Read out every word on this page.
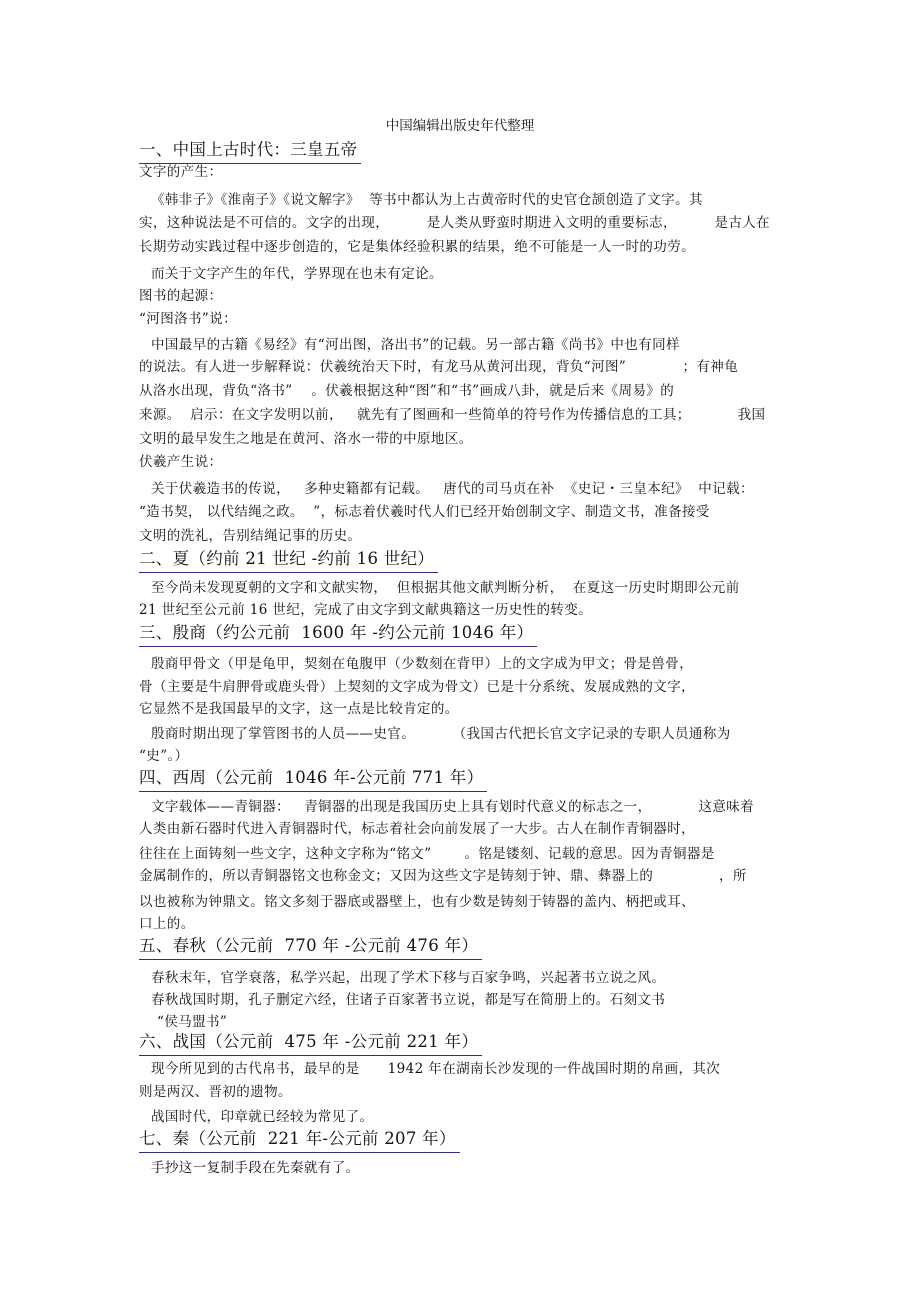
中国编辑出版史年代整理
一、中国上古时代：三皇五帝
文字的产生：
《韩非子》《淮南子》《说文解字》  等书中都认为上古黄帝时代的史官仓颉创造了文字。其
实，这种说法是不可信的。文字的出现，        是人类从野蛮时期进入文明的重要标志，        是古人在
长期劳动实践过程中逐步创造的，它是集体经验积累的结果，绝不可能是一人一时的功劳。
而关于文字产生的年代，学界现在也未有定论。
图书的起源：
“河图洛书”说：
中国最早的古籍《易经》有“河出图，洛出书”的记载。另一部古籍《尚书》中也有同样
的说法。有人进一步解释说：伏羲统治天下时，有龙马从黄河出现，背负“河图”            ；有神龟
从洛水出现，背负“洛书”    。伏羲根据这种“图”和“书”画成八卦，就是后来《周易》的
来源。  启示：在文字发明以前，   就先有了图画和一些简单的符号作为传播信息的工具；          我国
文明的最早发生之地是在黄河、洛水一带的中原地区。
伏羲产生说：
关于伏羲造书的传说，   多种史籍都有记载。   唐代的司马贞在补  《史记・三皇本纪》  中记载：
“造书契， 以代结绳之政。  ”，标志着伏羲时代人们已经开始创制文字、制造文书，准备接受
文明的洗礼，告别结绳记事的历史。
二、夏（约前 21 世纪 -约前 16 世纪）
至今尚未发现夏朝的文字和文献实物，  但根据其他文献判断分析，  在夏这一历史时期即公元前
21 世纪至公元前 16 世纪，完成了由文字到文献典籍这一历史性的转变。
三、殷商（约公元前  1600 年 -约公元前 1046 年）
殷商甲骨文（甲是龟甲，契刻在龟腹甲（少数刻在背甲）上的文字成为甲文；骨是兽骨，
骨（主要是牛肩胛骨或鹿头骨）上契刻的文字成为骨文）已是十分系统、发展成熟的文字，
它显然不是我国最早的文字，这一点是比较肯定的。
殷商时期出现了掌管图书的人员——史官。        （我国古代把长官文字记录的专职人员通称为
“史”。）
四、西周（公元前  1046 年-公元前 771 年）
文字载体——青铜器：   青铜器的出现是我国历史上具有划时代意义的标志之一，          这意味着
人类由新石器时代进入青铜器时代，标志着社会向前发展了一大步。古人在制作青铜器时，
往往在上面铸刻一些文字，这种文字称为“铭文”       。铭是镂刻、记载的意思。因为青铜器是
金属制作的，所以青铜器铭文也称金文；又因为这些文字是铸刻于钟、鼎、彝器上的              ，所
以也被称为钟鼎文。铭文多刻于器底或器壁上，也有少数是铸刻于铸器的盖内、柄把或耳、
口上的。
五、春秋（公元前  770 年 -公元前 476 年）
春秋末年，官学衰落，私学兴起，出现了学术下移与百家争鸣，兴起著书立说之风。
春秋战国时期，孔子删定六经，住诸子百家著书立说，都是写在简册上的。石刻文书
“侯马盟书”
六、战国（公元前  475 年 -公元前 221 年）
现今所见到的古代帛书，最早的是      1942 年在湖南长沙发现的一件战国时期的帛画，其次
则是两汉、晋初的遗物。
战国时代，印章就已经较为常见了。
七、秦（公元前  221 年-公元前 207 年）
手抄这一复制手段在先秦就有了。
